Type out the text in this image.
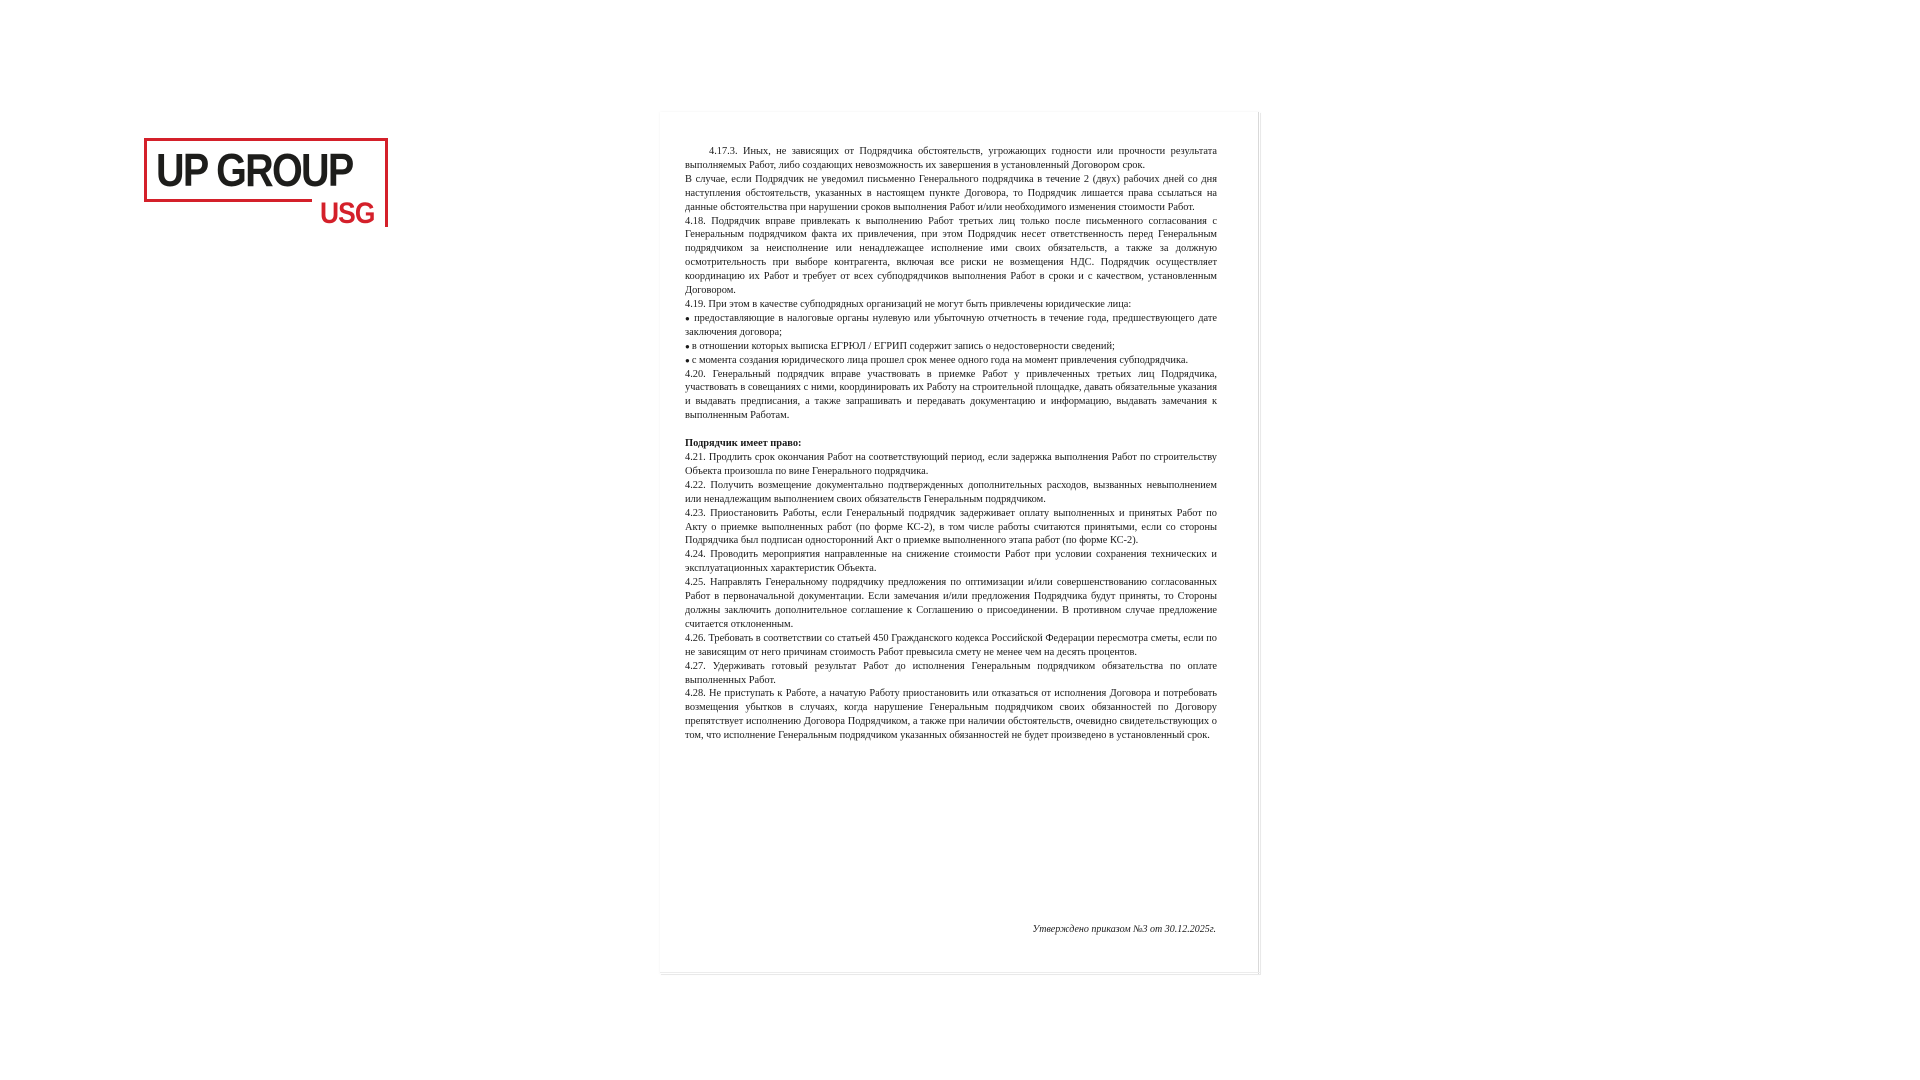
UP GROUP
USG

4.17.3. Иных, не зависящих от Подрядчика обстоятельств, угрожающих годности или прочности результата выполняемых Работ, либо создающих невозможность их завершения в установленный Договором срок.

В случае, если Подрядчик не уведомил письменно Генерального подрядчика в течение 2 (двух) рабочих дней со дня наступления обстоятельств, указанных в настоящем пункте Договора, то Подрядчик лишается права ссылаться на данные обстоятельства при нарушении сроков выполнения Работ и/или необходимого изменения стоимости Работ.

4.18. Подрядчик вправе привлекать к выполнению Работ третьих лиц только после письменного согласования с Генеральным подрядчиком факта их привлечения, при этом Подрядчик несет ответственность перед Генеральным подрядчиком за неисполнение или ненадлежащее исполнение ими своих обязательств, а также за должную осмотрительность при выборе контрагента, включая все риски не возмещения НДС. Подрядчик осуществляет координацию их Работ и требует от всех субподрядчиков выполнения Работ в сроки и с качеством, установленным Договором.

4.19. При этом в качестве субподрядных организаций не могут быть привлечены юридические лица:

● предоставляющие в налоговые органы нулевую или убыточную отчетность в течение года, предшествующего дате заключения договора;

● в отношении которых выписка ЕГРЮЛ / ЕГРИП содержит запись о недостоверности сведений;

● с момента создания юридического лица прошел срок менее одного года на момент привлечения субподрядчика.

4.20. Генеральный подрядчик вправе участвовать в приемке Работ у привлеченных третьих лиц Подрядчика, участвовать в совещаниях с ними, координировать их Работу на строительной площадке, давать обязательные указания и выдавать предписания, а также запрашивать и передавать документацию и информацию, выдавать замечания к выполненным Работам.

Подрядчик имеет право:

4.21. Продлить срок окончания Работ на соответствующий период, если задержка выполнения Работ по строительству Объекта произошла по вине Генерального подрядчика.

4.22. Получить возмещение документально подтвержденных дополнительных расходов, вызванных невыполнением или ненадлежащим выполнением своих обязательств Генеральным подрядчиком.

4.23. Приостановить Работы, если Генеральный подрядчик задерживает оплату выполненных и принятых Работ по Акту о приемке выполненных работ (по форме КС-2), в том числе работы считаются принятыми, если со стороны Подрядчика был подписан односторонний Акт о приемке выполненного этапа работ (по форме КС-2).

4.24. Проводить мероприятия направленные на снижение стоимости Работ при условии сохранения технических и эксплуатационных характеристик Объекта.

4.25. Направлять Генеральному подрядчику предложения по оптимизации и/или совершенствованию согласованных Работ в первоначальной документации. Если замечания и/или предложения Подрядчика будут приняты, то Стороны должны заключить дополнительное соглашение к Соглашению о присоединении. В противном случае предложение считается отклоненным.

4.26. Требовать в соответствии со статьей 450 Гражданского кодекса Российской Федерации пересмотра сметы, если по не зависящим от него причинам стоимость Работ превысила смету не менее чем на десять процентов.

4.27. Удерживать готовый результат Работ до исполнения Генеральным подрядчиком обязательства по оплате выполненных Работ.

4.28. Не приступать к Работе, а начатую Работу приостановить или отказаться от исполнения Договора и потребовать возмещения убытков в случаях, когда нарушение Генеральным подрядчиком своих обязанностей по Договору препятствует исполнению Договора Подрядчиком, а также при наличии обстоятельств, очевидно свидетельствующих о том, что исполнение Генеральным подрядчиком указанных обязанностей не будет произведено в установленный срок.

Утверждено приказом №3 от 30.12.2025г.
